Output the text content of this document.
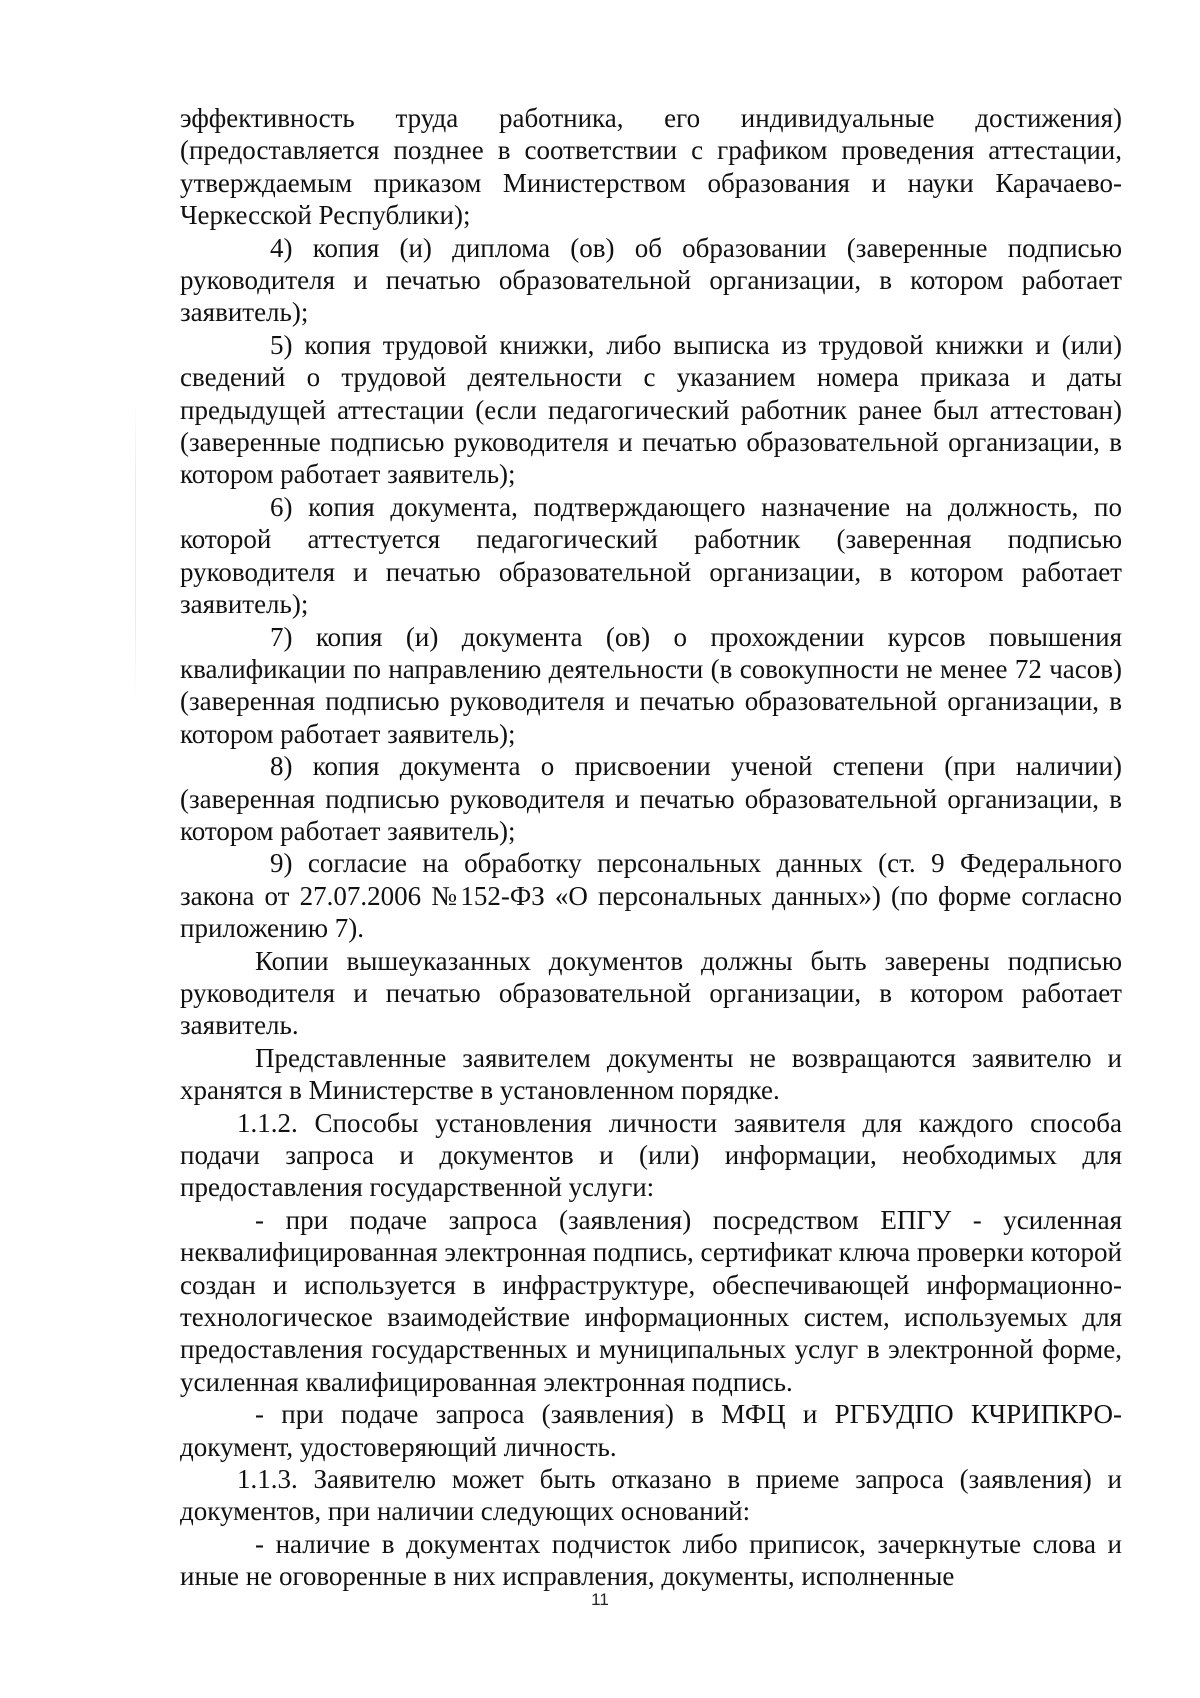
эффективность труда работника, его индивидуальные достижения) (предоставляется позднее в соответствии с графиком проведения аттестации, утверждаемым приказом Министерством образования и науки Карачаево-Черкесской Республики);

4) копия (и) диплома (ов) об образовании (заверенные подписью руководителя и печатью образовательной организации, в котором работает заявитель);

5) копия трудовой книжки, либо выписка из трудовой книжки и (или) сведений о трудовой деятельности с указанием номера приказа и даты предыдущей аттестации (если педагогический работник ранее был аттестован) (заверенные подписью руководителя и печатью образовательной организации, в котором работает заявитель);

6) копия документа, подтверждающего назначение на должность, по которой аттестуется педагогический работник (заверенная подписью руководителя и печатью образовательной организации, в котором работает заявитель);

7) копия (и) документа (ов) о прохождении курсов повышения квалификации по направлению деятельности (в совокупности не менее 72 часов) (заверенная подписью руководителя и печатью образовательной организации, в котором работает заявитель);

8) копия документа о присвоении ученой степени (при наличии) (заверенная подписью руководителя и печатью образовательной организации, в котором работает заявитель);

9) согласие на обработку персональных данных (ст. 9 Федерального закона от 27.07.2006 №152-ФЗ «О персональных данных») (по форме согласно приложению 7).

Копии вышеуказанных документов должны быть заверены подписью руководителя и печатью образовательной организации, в котором работает заявитель.

Представленные заявителем документы не возвращаются заявителю и хранятся в Министерстве в установленном порядке.

1.1.2. Способы установления личности заявителя для каждого способа подачи запроса и документов и (или) информации, необходимых для предоставления государственной услуги:

- при подаче запроса (заявления) посредством ЕПГУ - усиленная неквалифицированная электронная подпись, сертификат ключа проверки которой создан и используется в инфраструктуре, обеспечивающей информационно-технологическое взаимодействие информационных систем, используемых для предоставления государственных и муниципальных услуг в электронной форме, усиленная квалифицированная электронная подпись.

- при подаче запроса (заявления) в МФЦ и РГБУДПО КЧРИПКРО-документ, удостоверяющий личность.

1.1.3. Заявителю может быть отказано в приеме запроса (заявления) и документов, при наличии следующих оснований:

- наличие в документах подчисток либо приписок, зачеркнутые слова и иные не оговоренные в них исправления, документы, исполненные

11
